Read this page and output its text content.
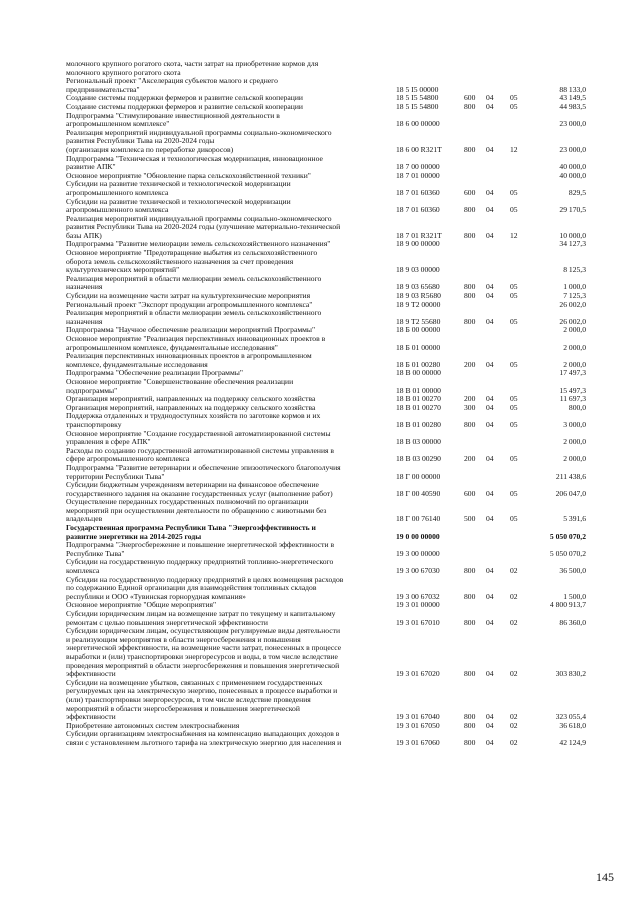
молочного крупного рогатого скота, части затрат на приобретение кормов для
молочного крупного рогатого скота
Региональный проект "Акселерация субъектов малого и среднего
предпринимательства"	18 5 I5 00000	88 133,0
Создание системы поддержки фермеров и развитие сельской кооперации	18 5 I5 54800	600 04 05	43 149,5
Создание системы поддержки фермеров и развитие сельской кооперации	18 5 I5 54800	800 04 05	44 983,5
Подпрограмма "Стимулирование инвестиционной деятельности в
агропромышленном комплексе"	18 6 00 00000	23 000,0
Реализация мероприятий индивидуальной программы социально-экономического
развития Республики Тыва на 2020-2024 годы
(организация комплекса по переработке дикоросов)	18 6 00 R321T	800 04 12	23 000,0
Подпрограмма "Техническая и технологическая модернизация, инновационное
развитие АПК"	18 7 00 00000	40 000,0
Основное мероприятие "Обновление парка сельскохозяйственной техники"	18 7 01 00000	40 000,0
Субсидии на развитие технической и технологической модернизации
агропромышленного комплекса	18 7 01 60360	600 04 05	829,5
Субсидии на развитие технической и технологической модернизации
агропромышленного комплекса	18 7 01 60360	800 04 05	29 170,5
Реализация мероприятий индивидуальной программы социально-экономического
развития Республики Тыва на 2020-2024 годы (улучшение материально-технической
базы АПК)	18 7 01 R321T	800 04 12	10 000,0
Подпрограмма "Развитие мелиорации земель сельскохозяйственного назначения"	18 9 00 00000	34 127,3
Основное мероприятие "Предотвращение выбытия из сельскохозяйственного
оборота земель сельскохозяйственного назначения за счет проведения
культуртехнических мероприятий"	18 9 03 00000	8 125,3
Реализация мероприятий в области мелиорации земель сельскохозяйственного
назначения	18 9 03 65680	800 04 05	1 000,0
Субсидии на возмещение части затрат на культуртехнические мероприятия	18 9 03 R5680	800 04 05	7 125,3
Региональный проект "Экспорт продукции агропромышленного комплекса"	18 9 T2 00000	26 002,0
Реализация мероприятий в области мелиорации земель сельскохозяйственного
назначения	18 9 T2 55680	800 04 05	26 002,0
Подпрограмма "Научное обеспечение реализации мероприятий Программы"	18 Б 00 00000	2 000,0
Основное мероприятие "Реализация перспективных инновационных проектов в
агропромышленном комплексе, фундаментальные исследования"	18 Б 01 00000	2 000,0
Реализация перспективных инновационных проектов в агропромышленном
комплексе, фундаментальные исследования	18 Б 01 00280	200 04 05	2 000,0
Подпрограмма "Обеспечение реализации Программы"	18 В 00 00000	17 497,3
Основное мероприятие "Совершенствование обеспечения реализации
подпрограммы"	18 В 01 00000	15 497,3
Организация мероприятий, направленных на поддержку сельского хозяйства	18 В 01 00270	200 04 05	11 697,3
Организация мероприятий, направленных на поддержку сельского хозяйства	18 В 01 00270	300 04 05	800,0
Поддержка отдаленных и труднодоступных хозяйств по заготовке кормов и их
транспортировку	18 В 01 00280	800 04 05	3 000,0
Основное мероприятие "Создание государственной автоматизированной системы
управления в сфере АПК"	18 В 03 00000	2 000,0
Расходы по созданию государственной автоматизированной системы управления в
сфере агропромышленного комплекса	18 В 03 00290	200 04 05	2 000,0
Подпрограмма "Развитие ветеринарии и обеспечение эпизоотического благополучия
территории Республики Тыва"	18 Г 00 00000	211 438,6
Субсидии бюджетным учреждениям ветеринарии на финансовое обеспечение
государственного задания на оказание государственных услуг (выполнение работ)	18 Г 00 40590	600 04 05	206 047,0
Осуществление переданных государственных полномочий по организации
мероприятий при осуществлении деятельности по обращению с животными без
владельцев	18 Г 00 76140	500 04 05	5 391,6
Государственная программа Республики Тыва "Энергоэффективность и
развитие энергетики на 2014-2025 годы	19 0 00 00000	5 050 070,2
Подпрограмма "Энергосбережение и повышение энергетической эффективности в
Республике Тыва"	19 3 00 00000	5 050 070,2
Субсидии на государственную поддержку предприятий топливно-энергетического
комплекса	19 3 00 67030	800 04 02	36 500,0
Субсидии на государственную поддержку предприятий в целях возмещения расходов
по содержанию Единой организации для взаимодействия топливных складов
республики и ООО «Тувинская горнорудная компания»	19 3 00 67032	800 04 02	1 500,0
Основное мероприятие "Общие мероприятия"	19 3 01 00000	4 800 913,7
Субсидии юридическим лицам на возмещение затрат по текущему и капитальному
ремонтам с целью повышения энергетической эффективности	19 3 01 67010	800 04 02	86 360,0
Субсидии юридическим лицам, осуществляющим регулируемые виды деятельности
и реализующим мероприятия в области энергосбережения и повышения
энергетической эффективности, на возмещение части затрат, понесенных в процессе
выработки и (или) транспортировки энергоресурсов и воды, в том числе вследствие
проведения мероприятий в области энергосбережения и повышения энергетической
эффективности	19 3 01 67020	800 04 02	303 830,2
Субсидии на возмещение убытков, связанных с применением государственных
регулируемых цен на электрическую энергию, понесенных в процессе выработки и
(или) транспортировки энергоресурсов, в том числе вследствие проведения
мероприятий в области энергосбережения и повышения энергетической
эффективности	19 3 01 67040	800 04 02	323 055,4
Приобретение автономных систем электроснабжения	19 3 01 67050	800 04 02	36 618,0
Субсидии организациям электроснабжения на компенсацию выпадающих доходов в
связи с установлением льготного тарифа на электрическую энергию для населения и	19 3 01 67060	800 04 02	42 124,9
145
